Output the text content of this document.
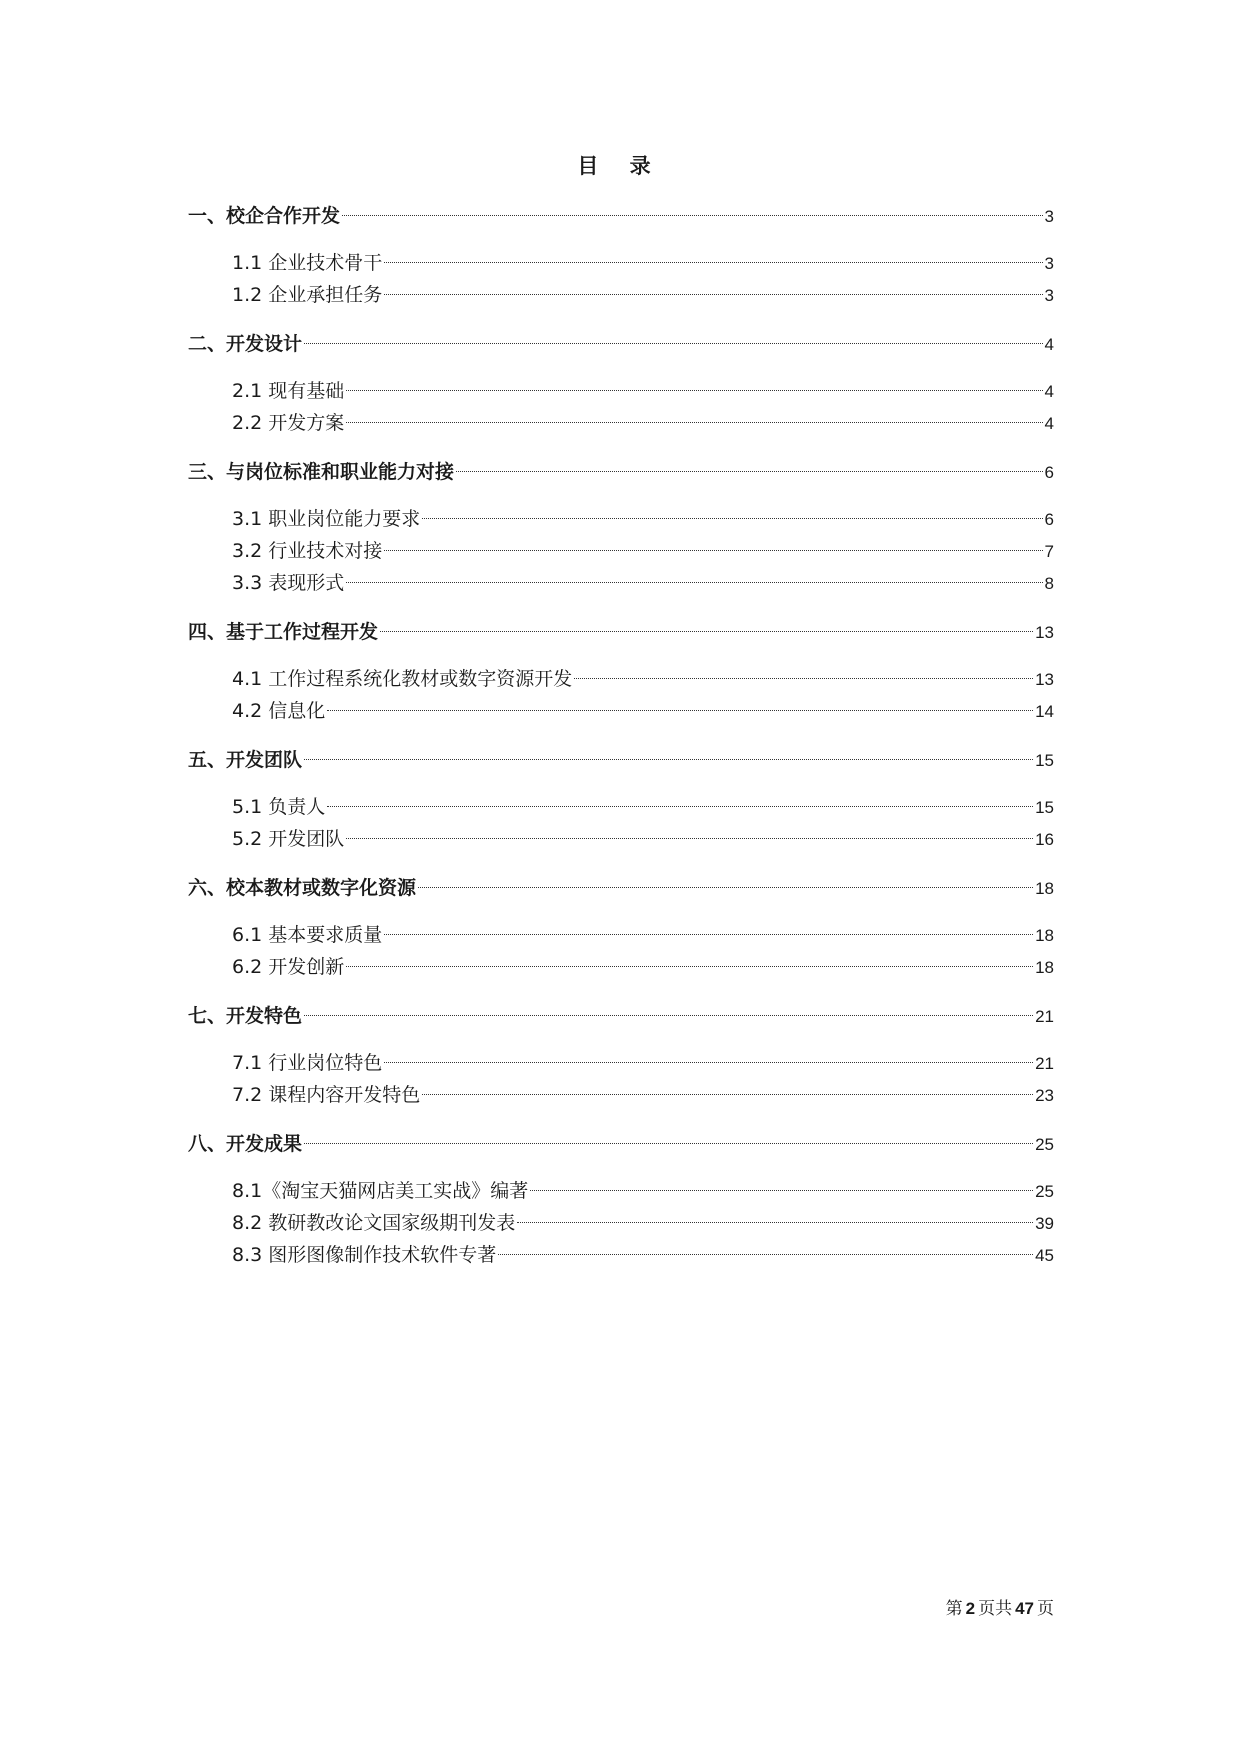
目 录
一、校企合作开发	3
1.1 企业技术骨干	3
1.2 企业承担任务	3
二、开发设计	4
2.1 现有基础	4
2.2 开发方案	4
三、与岗位标准和职业能力对接	6
3.1 职业岗位能力要求	6
3.2 行业技术对接	7
3.3 表现形式	8
四、基于工作过程开发	13
4.1 工作过程系统化教材或数字资源开发	13
4.2 信息化	14
五、开发团队	15
5.1 负责人	15
5.2 开发团队	16
六、校本教材或数字化资源	18
6.1 基本要求质量	18
6.2 开发创新	18
七、开发特色	21
7.1 行业岗位特色	21
7.2 课程内容开发特色	23
八、开发成果	25
8.1《淘宝天猫网店美工实战》编著	25
8.2 教研教改论文国家级期刊发表	39
8.3 图形图像制作技术软件专著	45
第 2 页共 47 页
